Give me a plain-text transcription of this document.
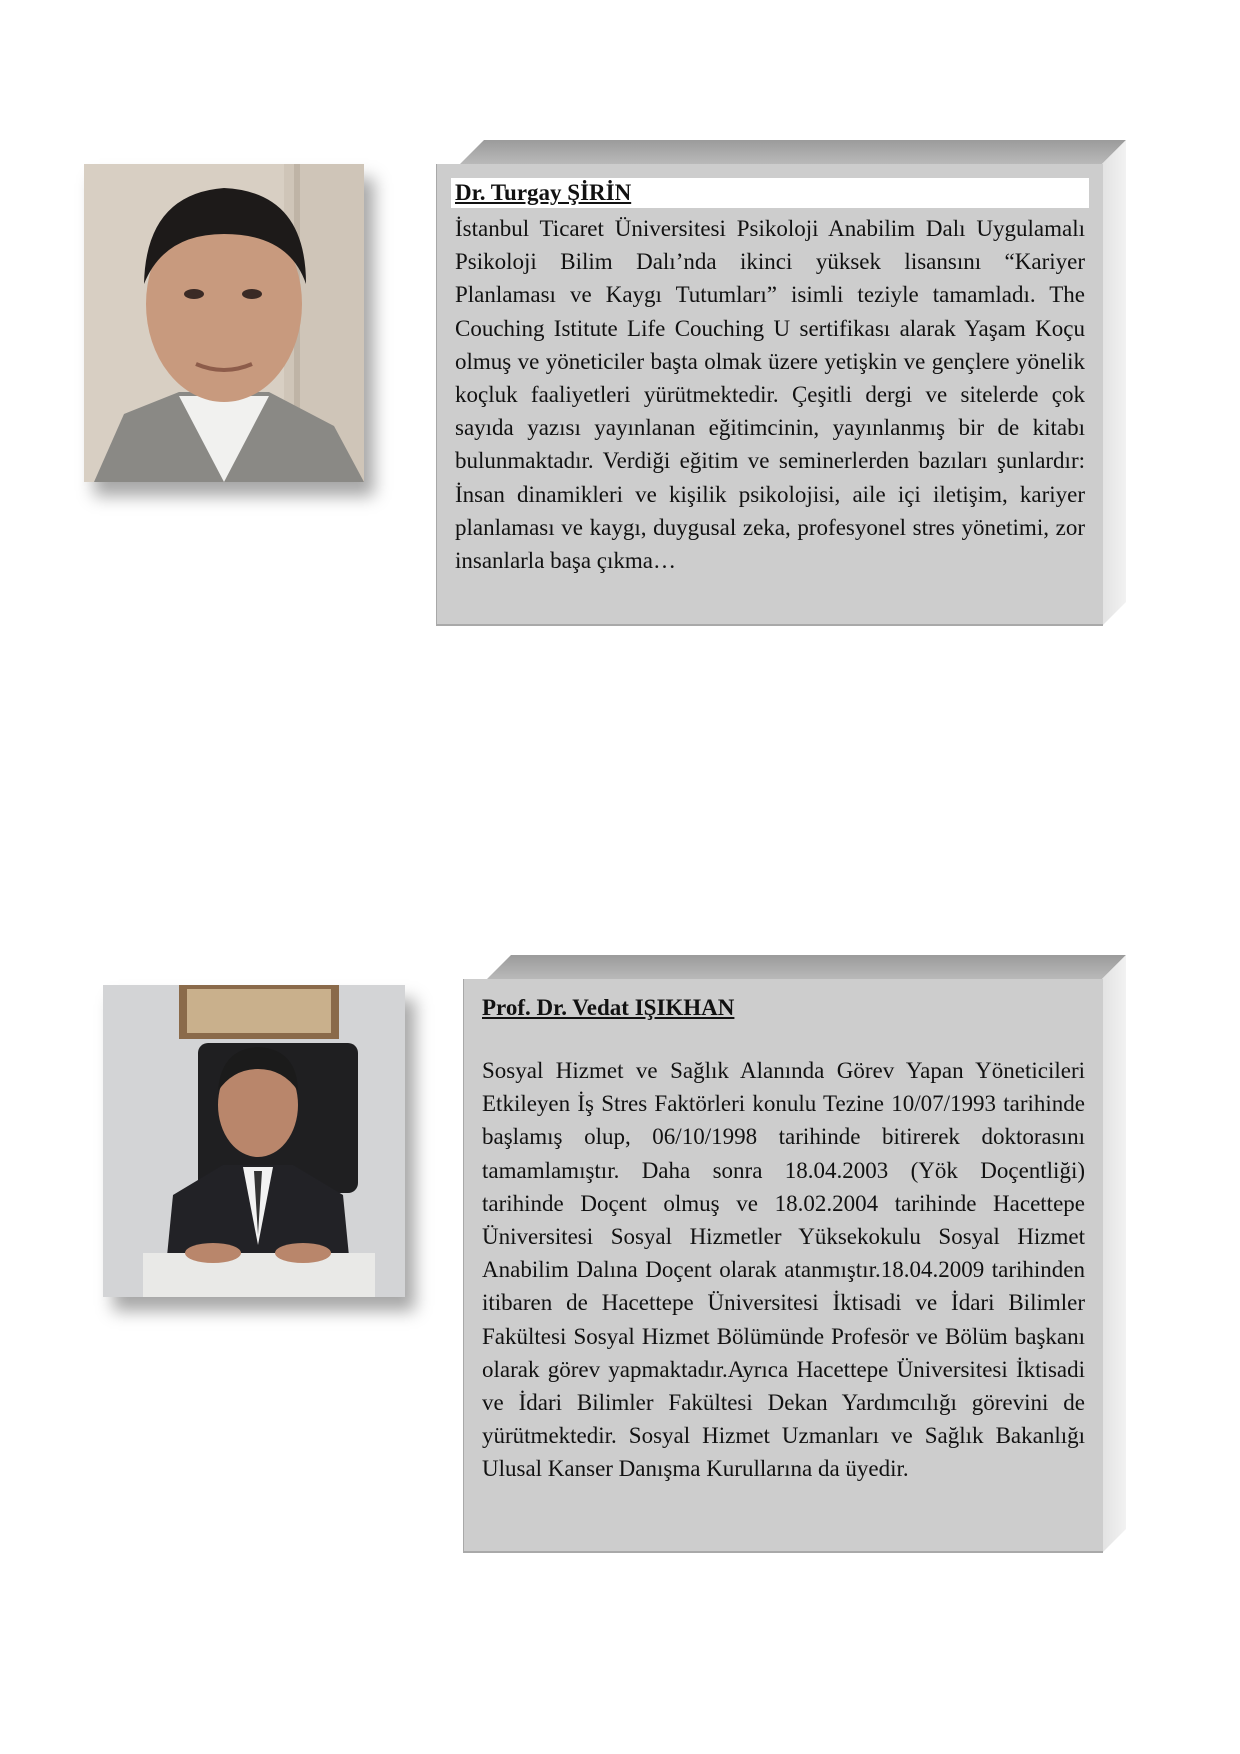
Dr. Turgay ŞİRİN

İstanbul Ticaret Üniversitesi Psikoloji Anabilim Dalı Uygulamalı Psikoloji Bilim Dalı’nda ikinci yüksek lisansını “Kariyer Planlaması ve Kaygı Tutumları” isimli teziyle tamamladı. The Couching Istitute Life Couching U sertifikası alarak Yaşam Koçu olmuş ve yöneticiler başta olmak üzere yetişkin ve gençlere yönelik koçluk faaliyetleri yürütmektedir. Çeşitli dergi ve sitelerde çok sayıda yazısı yayınlanan eğitimcinin, yayınlanmış bir de kitabı bulunmaktadır. Verdiği eğitim ve seminerlerden bazıları şunlardır: İnsan dinamikleri ve kişilik psikolojisi, aile içi iletişim, kariyer planlaması ve kaygı, duygusal zeka, profesyonel stres yönetimi, zor insanlarla başa çıkma…

Prof. Dr. Vedat IŞIKHAN

Sosyal Hizmet ve Sağlık Alanında Görev Yapan Yöneticileri Etkileyen İş Stres Faktörleri konulu Tezine 10/07/1993 tarihinde başlamış olup, 06/10/1998 tarihinde bitirerek doktorasını tamamlamıştır. Daha sonra 18.04.2003 (Yök Doçentliği) tarihinde Doçent olmuş ve 18.02.2004 tarihinde Hacettepe Üniversitesi Sosyal Hizmetler Yüksekokulu Sosyal Hizmet Anabilim Dalına Doçent olarak atanmıştır.18.04.2009 tarihinden itibaren de Hacettepe Üniversitesi İktisadi ve İdari Bilimler Fakültesi Sosyal Hizmet Bölümünde Profesör ve Bölüm başkanı olarak görev yapmaktadır.Ayrıca Hacettepe Üniversitesi İktisadi ve İdari Bilimler Fakültesi Dekan Yardımcılığı görevini de yürütmektedir. Sosyal Hizmet Uzmanları ve Sağlık Bakanlığı Ulusal Kanser Danışma Kurullarına da üyedir.
